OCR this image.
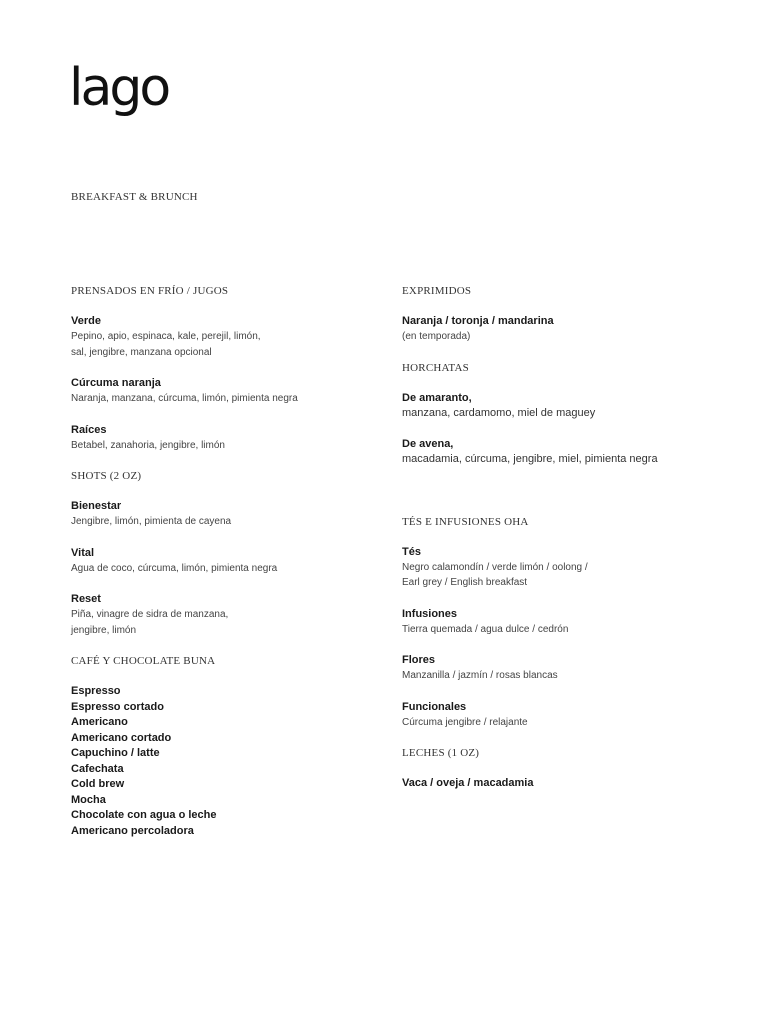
lago
BREAKFAST & BRUNCH

PRENSADOS EN FRÍO / JUGOS

Verde
Pepino, apio, espinaca, kale, perejil, limón,
sal, jengibre, manzana opcional
Cúrcuma naranja
Naranja, manzana, cúrcuma, limón, pimienta negra
Raíces
Betabel, zanahoria, jengibre, limón

SHOTS (2 OZ)

Bienestar
Jengibre, limón, pimienta de cayena
Vital
Agua de coco, cúrcuma, limón, pimienta negra
Reset
Piña, vinagre de sidra de manzana,
jengibre, limón

CAFÉ Y CHOCOLATE BUNA

Espresso
Espresso cortado
Americano
Americano cortado
Capuchino / latte
Cafechata
Cold brew
Mocha
Chocolate con agua o leche
Americano percoladora

EXPRIMIDOS

Naranja / toronja / mandarina
(en temporada)

HORCHATAS

De amaranto,
manzana, cardamomo, miel de maguey
De avena,
macadamia, cúrcuma, jengibre, miel, pimienta negra

TÉS E INFUSIONES OHA

Tés
Negro calamondín / verde limón / oolong /
Earl grey / English breakfast
Infusiones
Tierra quemada / agua dulce / cedrón
Flores
Manzanilla / jazmín / rosas blancas
Funcionales
Cúrcuma jengibre / relajante

LECHES (1 OZ)

Vaca / oveja / macadamia
